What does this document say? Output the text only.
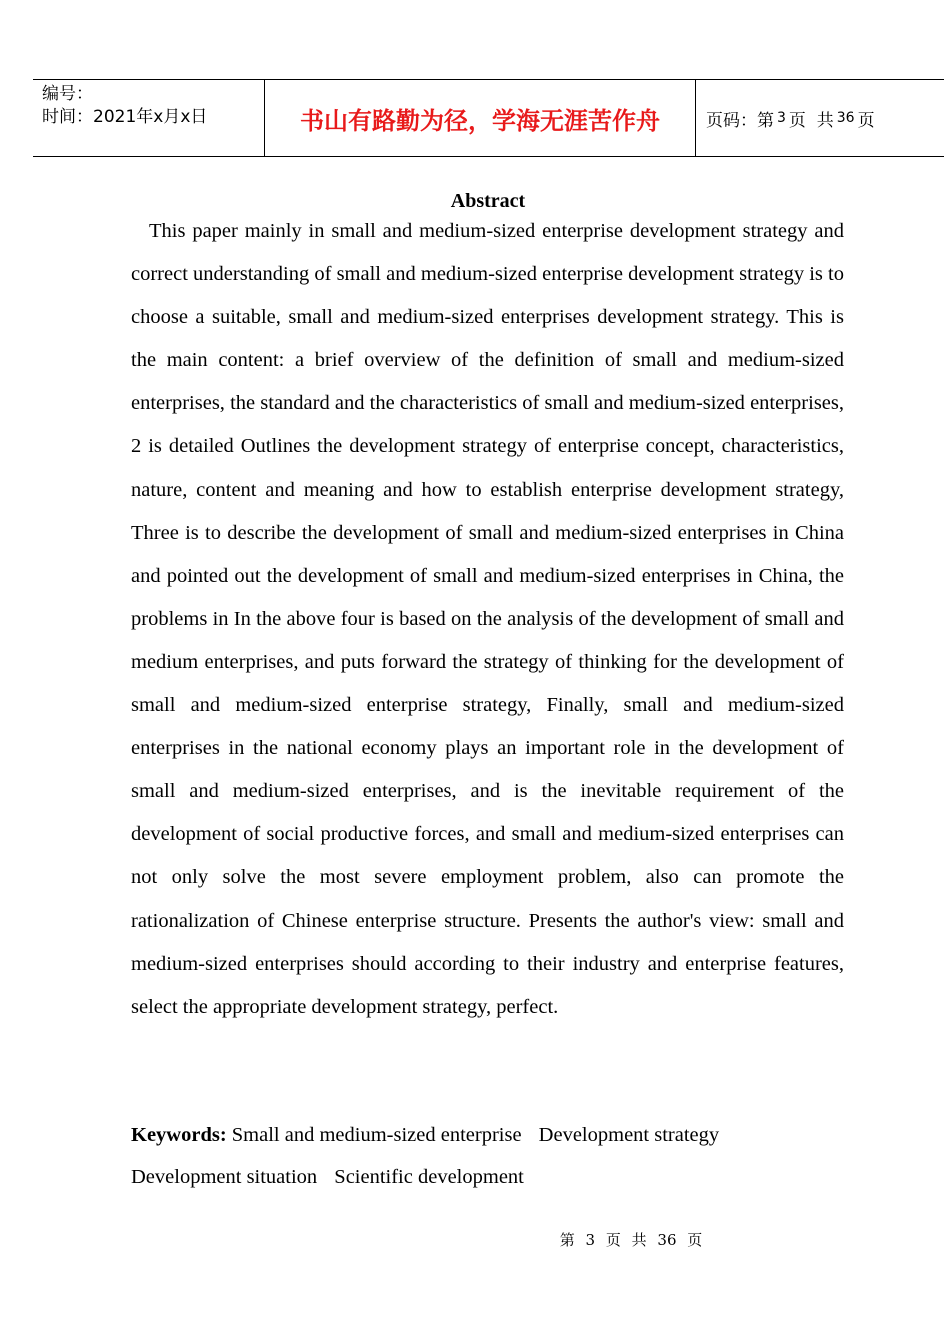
编号：
时间：2021年x月x日	书山有路勤为径，学海无涯苦作舟	页码：第 3 页  共 36 页
Abstract

This paper mainly in small and medium-sized enterprise development strategy and correct understanding of small and medium-sized enterprise development strategy is to choose a suitable, small and medium-sized enterprises development strategy. This is the main content: a brief overview of the definition of small and medium-sized enterprises, the standard and the characteristics of small and medium-sized enterprises, 2 is detailed Outlines the development strategy of enterprise concept, characteristics, nature, content and meaning and how to establish enterprise development strategy, Three is to describe the development of small and medium-sized enterprises in China and pointed out the development of small and medium-sized enterprises in China, the problems in In the above four is based on the analysis of the development of small and medium enterprises, and puts forward the strategy of thinking for the development of small and medium-sized enterprise strategy, Finally, small and medium-sized enterprises in the national economy plays an important role in the development of small and medium-sized enterprises, and is the inevitable requirement of the development of social productive forces, and small and medium-sized enterprises can not only solve the most severe employment problem, also can promote the rationalization of Chinese enterprise structure. Presents the author's view: small and medium-sized enterprises should according to their industry and enterprise features, select the appropriate development strategy, perfect.

Keywords: Small and medium-sized enterprise Development strategy
Development situation Scientific development

第 3 页 共 36 页
